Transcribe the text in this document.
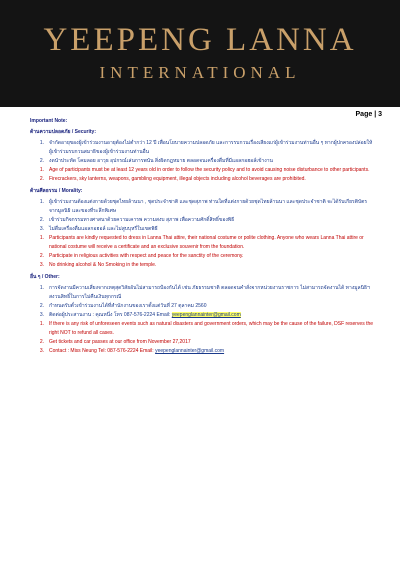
YEEPENG LANNA
INTERNATIONAL
Page | 3
Important Note:
ด้านความปลอดภัย / Security:
1.	จำกัดอายุของผู้เข้าร่วมงานอายุต้องไม่ต่ำกว่า 12 ปี เพื่อนโยบายความปลอดภัย และการรบกวนเรื่องเสียงแก่ผู้เข้าร่วมงานท่านอื่น ๆ หากผู้ปกครองปล่อยให้ผู้เข้าร่วมรบกวนสมาธิของผู้เข้าร่วมงานท่านอื่น
2.	งดนำประทัด โคมลอย อาวุธ อุปกรณ์เล่นการพนัน สิ่งผิดกฎหมาย ตลอดจนเครื่องดื่มที่มีแอลกอฮอล์เข้างาน
1.	Age of participants must be at least 12 years old in order to follow the security policy and to avoid causing noise disturbance to other participants.
2.	Firecrackers, sky lanterns, weapons, gambling equipment, illegal objects including alcohol beverages are prohibited.
ด้านศีลธรรม / Morality:
1.	ผู้เข้าร่วมงานต้องแต่งกายด้วยชุดไทยล้านนา , ชุดประจำชาติ และชุดสุภาพ ท่านใดที่แต่งกายด้วยชุดไทยล้านนา และชุดประจำชาติ จะได้รับเกียรติบัตรจากมูลนิธิ และของที่ระลึกพิเศษ
2.	เข้าร่วมกิจกรรมทางศาสนาด้วยความเคารพ ความสงบ สุภาพ เพื่อความศักดิ์สิทธิ์ของพิธี
3.	ไม่ดื่มเครื่องดื่มแอลกอฮอล์ และไม่สูบบุหรี่ในเขตพิธี
1.	Participants are kindly requested to dress in Lanna Thai attire, their national costume or polite clothing. Anyone who wears Lanna Thai attire or national costume will receive a certificate and an exclusive souvenir from the foundation.
2.	Participate in religious activities with respect and peace for the sanctity of the ceremony.
3.	No drinking alcohol & No Smoking in the temple.
อื่น ๆ / Other:
1.	การจัดงานมีความเสี่ยงจากเหตุสุดวิสัยอันไม่สามารถป้องกันได้ เช่น ภัยธรรมชาติ ตลอดจนคำสั่งจากหน่วยงานราชการ ไม่สามารถจัดงานได้ ทางมูลนิธิฯ สงวนสิทธิ์ในการไม่คืนเงินทุกกรณี
2.	กำหนดรับตั๋วเข้าร่วมงานได้ที่สำนักงานของเราตั้งแต่วันที่ 27 ตุลาคม 2560
3.	ติดต่อผู้ประสานงาน : คุณหนึ่ง โทร 087-576-2224 Email: yeepenglannainter@gmail.com
1.	If there is any risk of unforeseen events such as natural disasters and government orders, which may be the cause of the failure, DSF reserves the right NOT to refund all cases.
2.	Get tickets and car passes at our office from November 27,2017
3.	Contact : Miss Neung Tel: 087-576-2224 Email: yeepenglannainter@gmail.com
